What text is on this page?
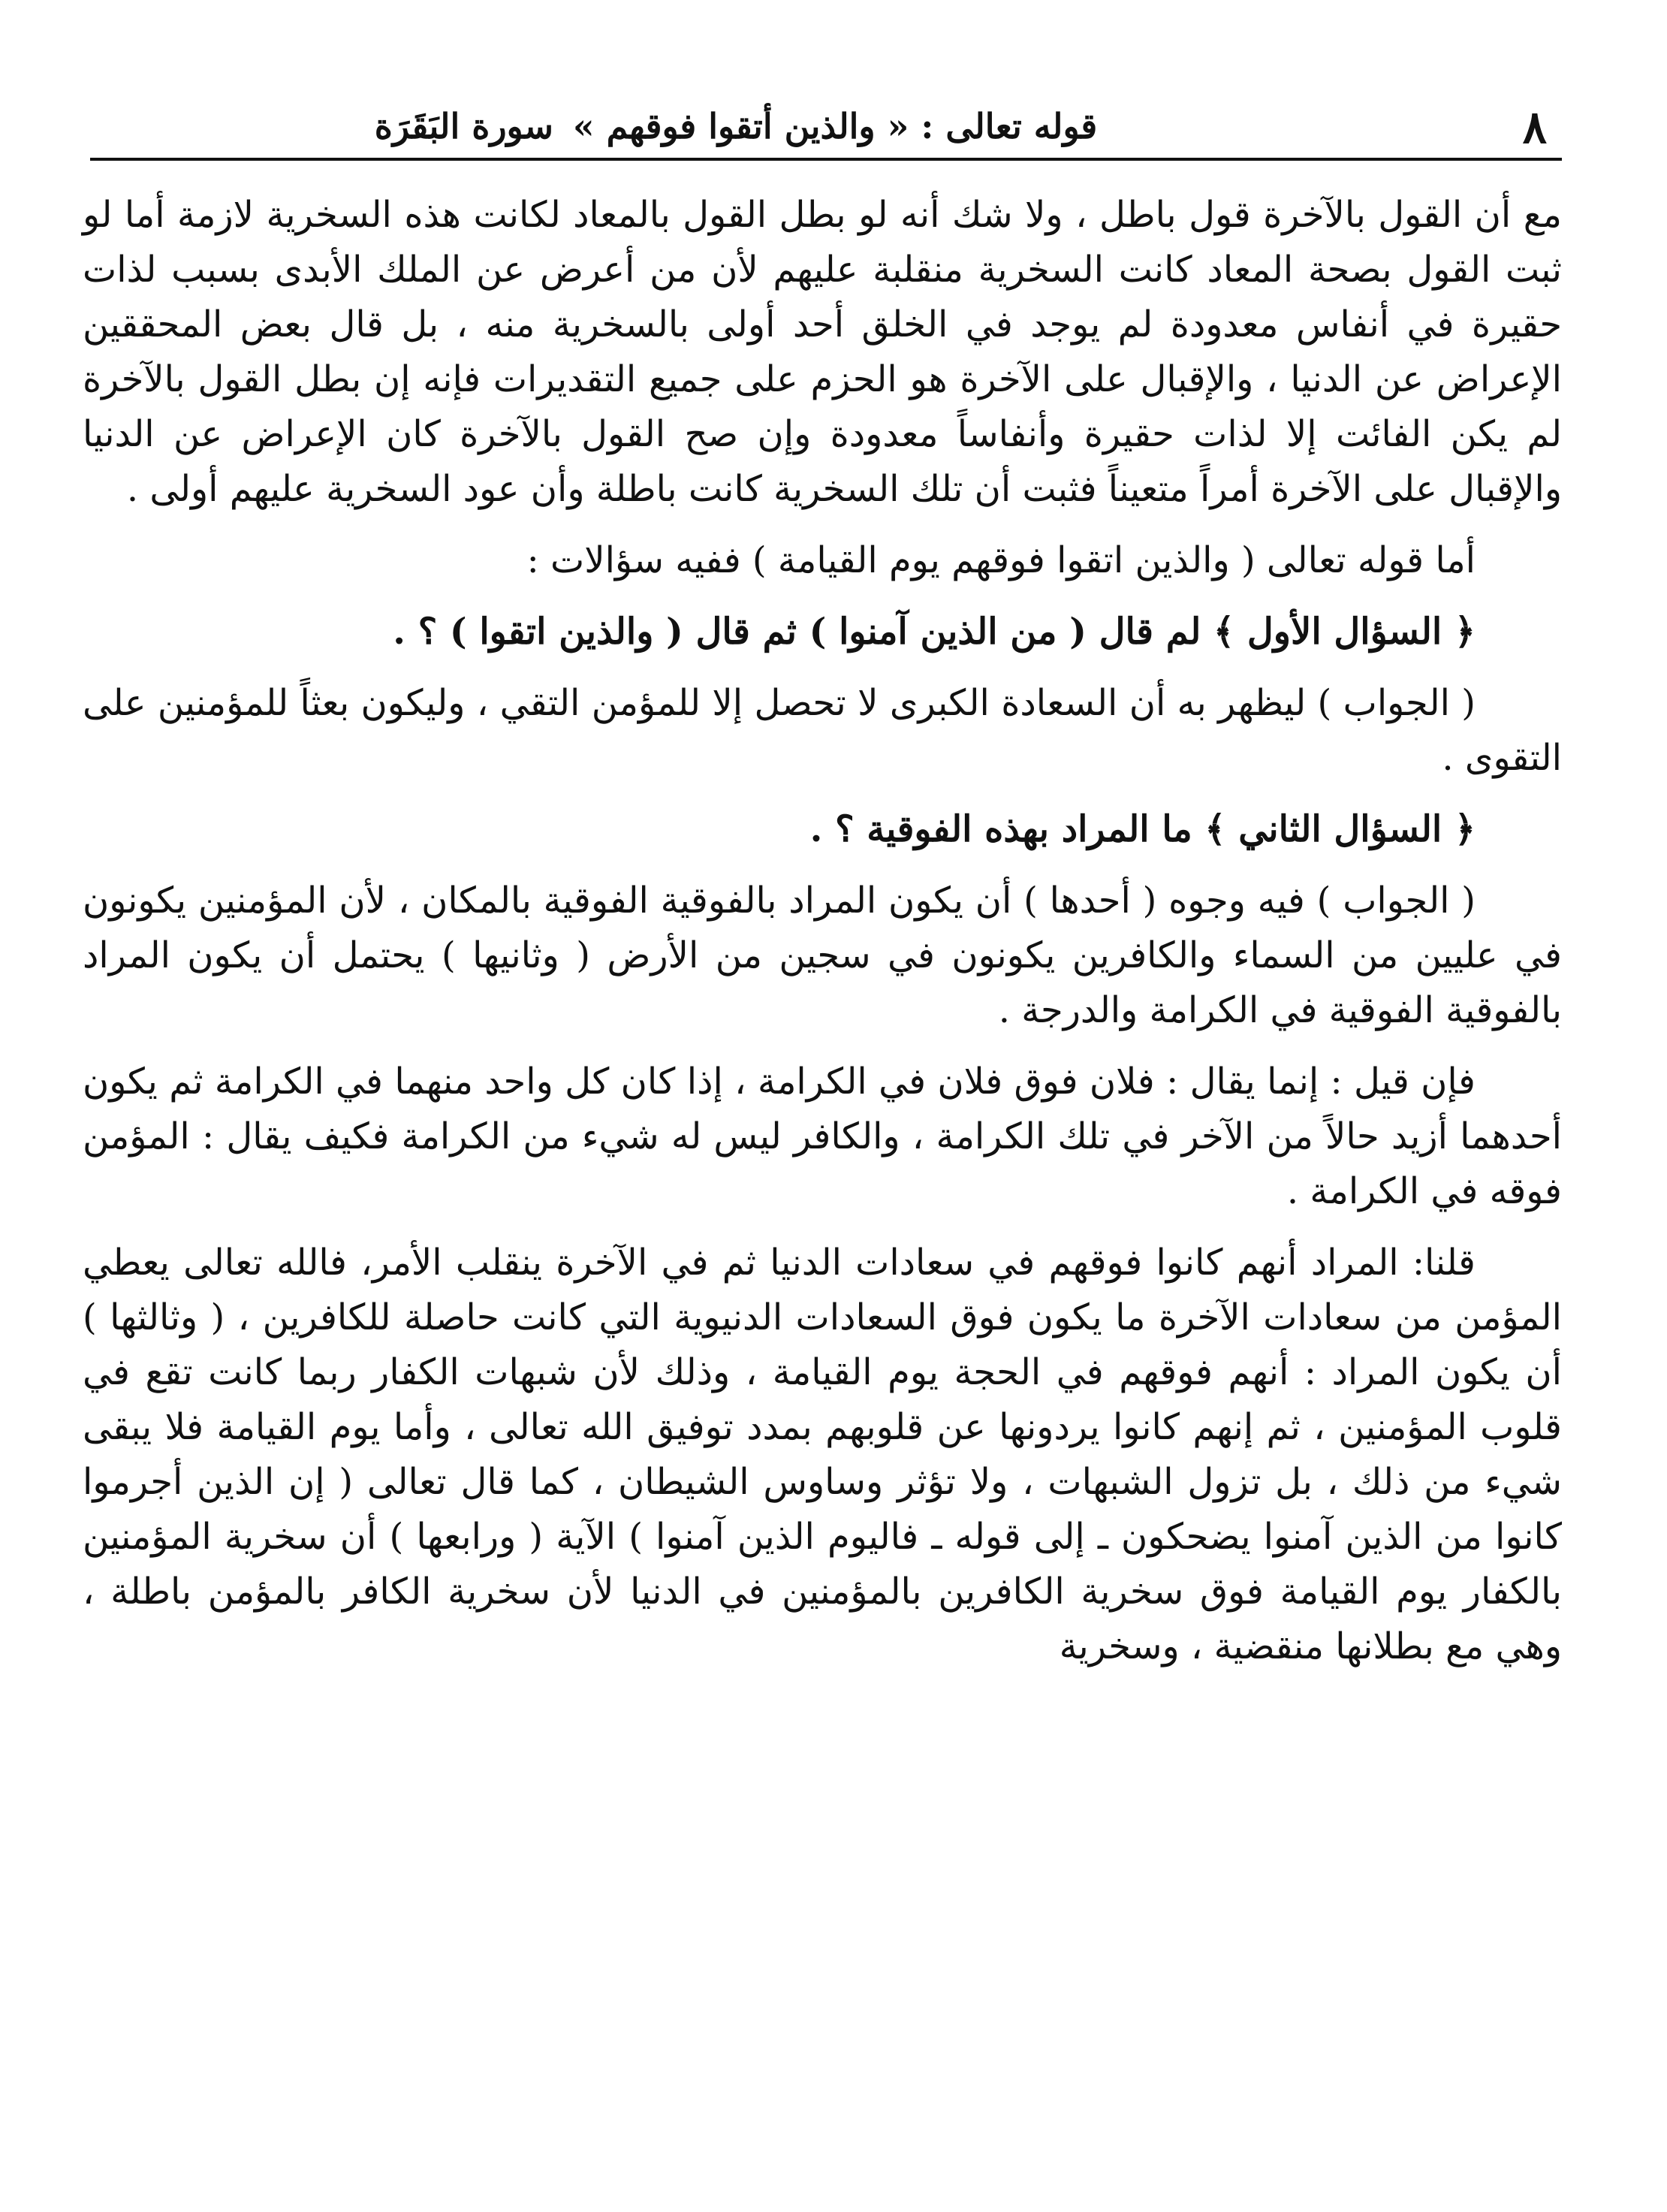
٨
قوله تعالى : « والذين أتقوا فوقهم » سورة البَقَرَة

مع أن القول بالآخرة قول باطل ، ولا شك أنه لو بطل القول بالمعاد لكانت هذه السخرية لازمة أما لو ثبت القول بصحة المعاد كانت السخرية منقلبة عليهم لأن من أعرض عن الملك الأبدى بسبب لذات حقيرة في أنفاس معدودة لم يوجد في الخلق أحد أولى بالسخرية منه ، بل قال بعض المحققين الإعراض عن الدنيا ، والإقبال على الآخرة هو الحزم على جميع التقديرات فإنه إن بطل القول بالآخرة لم يكن الفائت إلا لذات حقيرة وأنفاساً معدودة وإن صح القول بالآخرة كان الإعراض عن الدنيا والإقبال على الآخرة أمراً متعيناً فثبت أن تلك السخرية كانت باطلة وأن عود السخرية عليهم أولى .

أما قوله تعالى ( والذين اتقوا فوقهم يوم القيامة ) ففيه سؤالات :

﴿ السؤال الأول ﴾ لم قال ( من الذين آمنوا ) ثم قال ( والذين اتقوا ) ؟ .

( الجواب ) ليظهر به أن السعادة الكبرى لا تحصل إلا للمؤمن التقي ، وليكون بعثاً للمؤمنين على التقوى .

﴿ السؤال الثاني ﴾ ما المراد بهذه الفوقية ؟ .

( الجواب ) فيه وجوه ( أحدها ) أن يكون المراد بالفوقية الفوقية بالمكان ، لأن المؤمنين يكونون في عليين من السماء والكافرين يكونون في سجين من الأرض ( وثانيها ) يحتمل أن يكون المراد بالفوقية الفوقية في الكرامة والدرجة .

فإن قيل : إنما يقال : فلان فوق فلان في الكرامة ، إذا كان كل واحد منهما في الكرامة ثم يكون أحدهما أزيد حالاً من الآخر في تلك الكرامة ، والكافر ليس له شيء من الكرامة فكيف يقال : المؤمن فوقه في الكرامة .

قلنا: المراد أنهم كانوا فوقهم في سعادات الدنيا ثم في الآخرة ينقلب الأمر، فالله تعالى يعطي المؤمن من سعادات الآخرة ما يكون فوق السعادات الدنيوية التي كانت حاصلة للكافرين ، ( وثالثها ) أن يكون المراد : أنهم فوقهم في الحجة يوم القيامة ، وذلك لأن شبهات الكفار ربما كانت تقع في قلوب المؤمنين ، ثم إنهم كانوا يردونها عن قلوبهم بمدد توفيق الله تعالى ، وأما يوم القيامة فلا يبقى شيء من ذلك ، بل تزول الشبهات ، ولا تؤثر وساوس الشيطان ، كما قال تعالى ( إن الذين أجرموا كانوا من الذين آمنوا يضحكون ـ إلى قوله ـ فاليوم الذين آمنوا ) الآية ( ورابعها ) أن سخرية المؤمنين بالكفار يوم القيامة فوق سخرية الكافرين بالمؤمنين في الدنيا لأن سخرية الكافر بالمؤمن باطلة ، وهي مع بطلانها منقضية ، وسخرية
